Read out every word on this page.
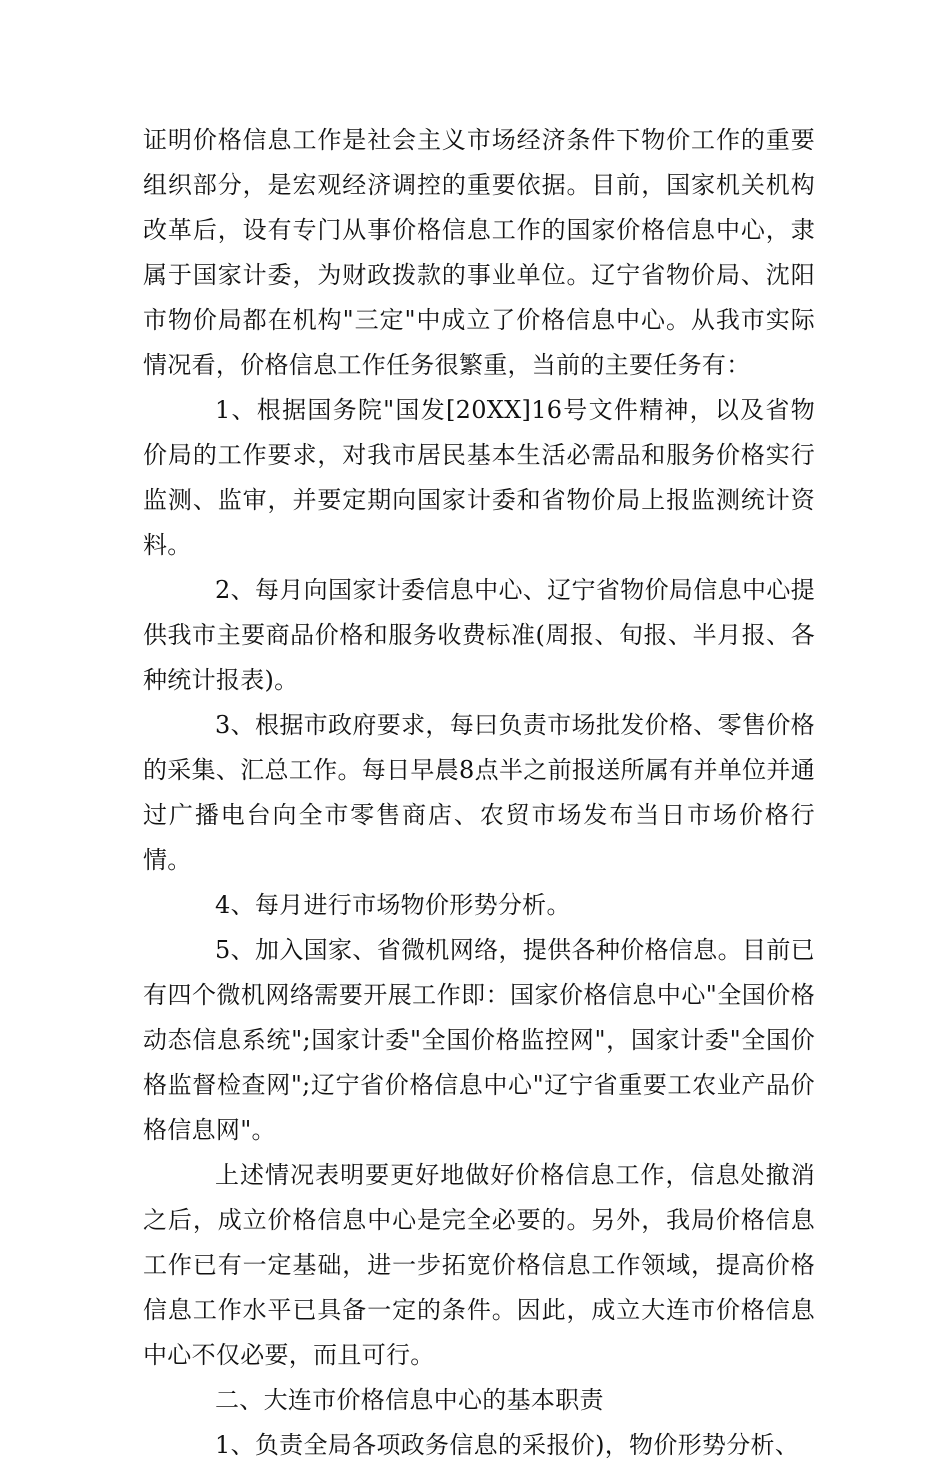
证明价格信息工作是社会主义市场经济条件下物价工作的重要组织部分，是宏观经济调控的重要依据。目前，国家机关机构改革后，设有专门从事价格信息工作的国家价格信息中心，隶属于国家计委，为财政拨款的事业单位。辽宁省物价局、沈阳市物价局都在机构"三定"中成立了价格信息中心。从我市实际情况看，价格信息工作任务很繁重，当前的主要任务有：

1、根据国务院"国发[20XX]16号文件精神，以及省物价局的工作要求，对我市居民基本生活必需品和服务价格实行监测、监审，并要定期向国家计委和省物价局上报监测统计资料。

2、每月向国家计委信息中心、辽宁省物价局信息中心提供我市主要商品价格和服务收费标准(周报、旬报、半月报、各种统计报表)。

3、根据市政府要求，每曰负责市场批发价格、零售价格的采集、汇总工作。每日早晨8点半之前报送所属有并单位并通过广播电台向全市零售商店、农贸市场发布当日市场价格行情。

4、每月进行市场物价形势分析。

5、加入国家、省微机网络，提供各种价格信息。目前已有四个微机网络需要开展工作即：国家价格信息中心"全国价格动态信息系统";国家计委"全国价格监控网"，国家计委"全国价格监督检查网";辽宁省价格信息中心"辽宁省重要工农业产品价格信息网"。

上述情况表明要更好地做好价格信息工作，信息处撤消之后，成立价格信息中心是完全必要的。另外，我局价格信息工作已有一定基础，进一步拓宽价格信息工作领域，提高价格信息工作水平已具备一定的条件。因此，成立大连市价格信息中心不仅必要，而且可行。

二、大连市价格信息中心的基本职责

1、负责全局各项政务信息的采报价)，物价形势分析、
